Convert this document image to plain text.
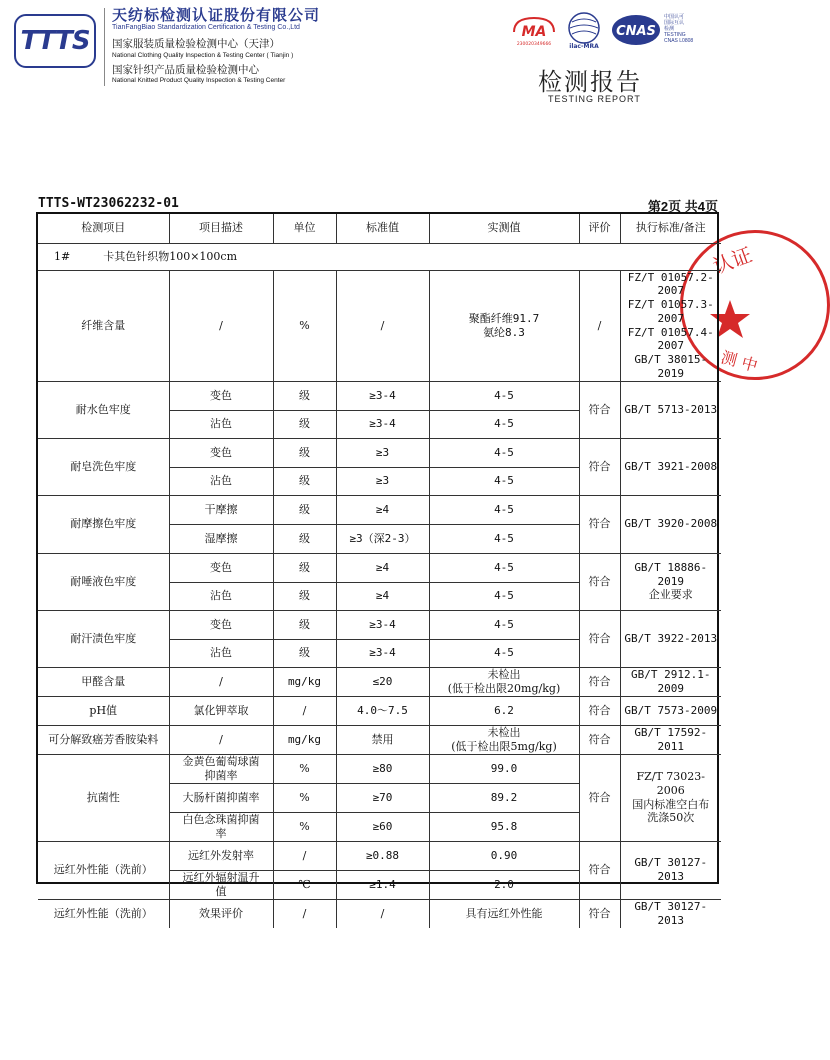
TTTS
天纺标检测认证股份有限公司
TianFangBiao Standardization Certification & Testing Co.,Ltd
国家服装质量检验检测中心（天津）
National Clothing Quality Inspection & Testing Center ( Tianjin )
国家针织产品质量检验检测中心
National Knitted Product Quality Inspection & Testing Center
MA
230020349666	ilac-MRA
CNAS
中国认可
国际互认
检测
TESTING
CNAS L0808
检测报告
TESTING REPORT
TTTS-WT23062232-01	第2页 共4页
认证
测 中
检测项目	项目描述	单位	标准值	实测值	评价	执行标准/备注
1# 卡其色针织物100×100cm						
纤维含量	/	%	/	聚酯纤维91.7
氨纶8.3	/	FZ/T 01057.2-2007
FZ/T 01057.3-2007
FZ/T 01057.4-2007
GB/T 38015-2019
耐水色牢度	变色	级	≥3-4	4-5	符合	GB/T 5713-2013
	沾色	级	≥3-4	4-5		
耐皂洗色牢度	变色	级	≥3	4-5	符合	GB/T 3921-2008
	沾色	级	≥3	4-5		
耐摩擦色牢度	干摩擦	级	≥4	4-5	符合	GB/T 3920-2008
	湿摩擦	级	≥3（深2-3）	4-5		
耐唾液色牢度	变色	级	≥4	4-5	符合	GB/T 18886-2019
企业要求
	沾色	级	≥4	4-5		
耐汗渍色牢度	变色	级	≥3-4	4-5	符合	GB/T 3922-2013
	沾色	级	≥3-4	4-5		
甲醛含量	/	mg/kg	≤20	未检出
(低于检出限20mg/kg)	符合	GB/T 2912.1-2009
pH值	氯化钾萃取	/	4.0～7.5	6.2	符合	GB/T 7573-2009
可分解致癌芳香胺染料	/	mg/kg	禁用	未检出
(低于检出限5mg/kg)	符合	GB/T 17592-2011
抗菌性	金黄色葡萄球菌
抑菌率	%	≥80	99.0	符合	FZ/T 73023-2006
国内标准空白布
洗涤50次
	大肠杆菌抑菌率	%	≥70	89.2		
	白色念珠菌抑菌
率	%	≥60	95.8		
远红外性能（洗前）	远红外发射率	/	≥0.88	0.90	符合	GB/T 30127-2013
	远红外辐射温升
值	℃	≥1.4	2.0		
远红外性能（洗前）	效果评价	/	/	具有远红外性能	符合	GB/T 30127-2013
